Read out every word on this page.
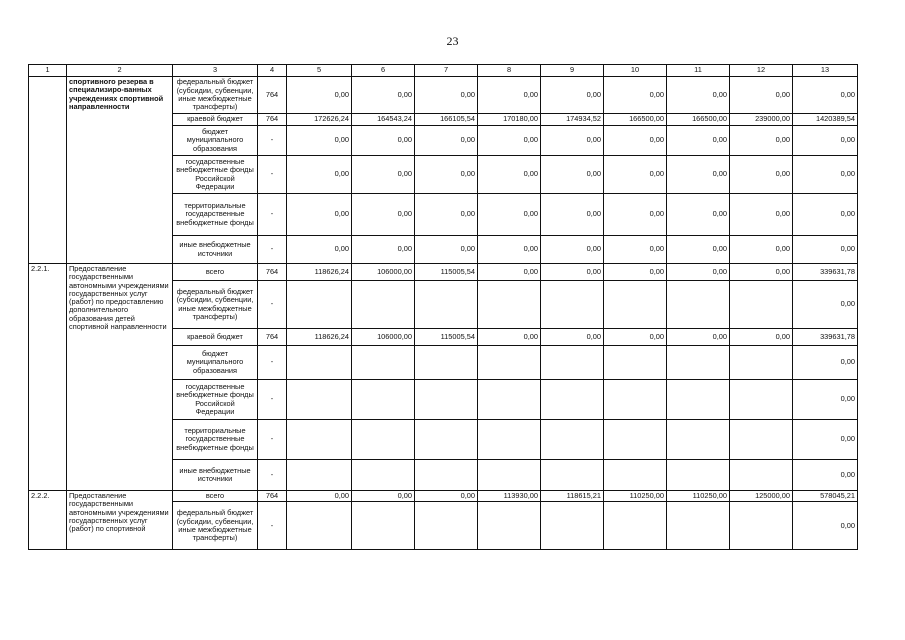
23
1	2	3	4	5	6	7	8	9	10	11	12	13
	спортивного резерва в специализиро-ванных учреждениях спортивной направленности	федеральный бюджет (субсидии, субвенции, иные межбюджетные трансферты)	764	0,00	0,00	0,00	0,00	0,00	0,00	0,00	0,00	0,00
		краевой бюджет	764	172626,24	164543,24	166105,54	170180,00	174934,52	166500,00	166500,00	239000,00	1420389,54
		бюджет муниципального образования	-	0,00	0,00	0,00	0,00	0,00	0,00	0,00	0,00	0,00
		государственные внебюджетные фонды Российской Федерации	-	0,00	0,00	0,00	0,00	0,00	0,00	0,00	0,00	0,00
		территориальные государственные внебюджетные фонды	-	0,00	0,00	0,00	0,00	0,00	0,00	0,00	0,00	0,00
		иные внебюджетные источники	-	0,00	0,00	0,00	0,00	0,00	0,00	0,00	0,00	0,00
2.2.1.	Предоставление государственными автономными учреждениями государственных услуг (работ) по предоставлению дополнительного образования детей спортивной направленности	всего	764	118626,24	106000,00	115005,54	0,00	0,00	0,00	0,00	0,00	339631,78
		федеральный бюджет (субсидии, субвенции, иные межбюджетные трансферты)	-									0,00
		краевой бюджет	764	118626,24	106000,00	115005,54	0,00	0,00	0,00	0,00	0,00	339631,78
		бюджет муниципального образования	-									0,00
		государственные внебюджетные фонды Российской Федерации	-									0,00
		территориальные государственные внебюджетные фонды	-									0,00
		иные внебюджетные источники	-									0,00
2.2.2.	Предоставление государственными автономными учреждениями государственных услуг (работ) по спортивной	всего	764	0,00	0,00	0,00	113930,00	118615,21	110250,00	110250,00	125000,00	578045,21
		федеральный бюджет (субсидии, субвенции, иные межбюджетные трансферты)	-									0,00
